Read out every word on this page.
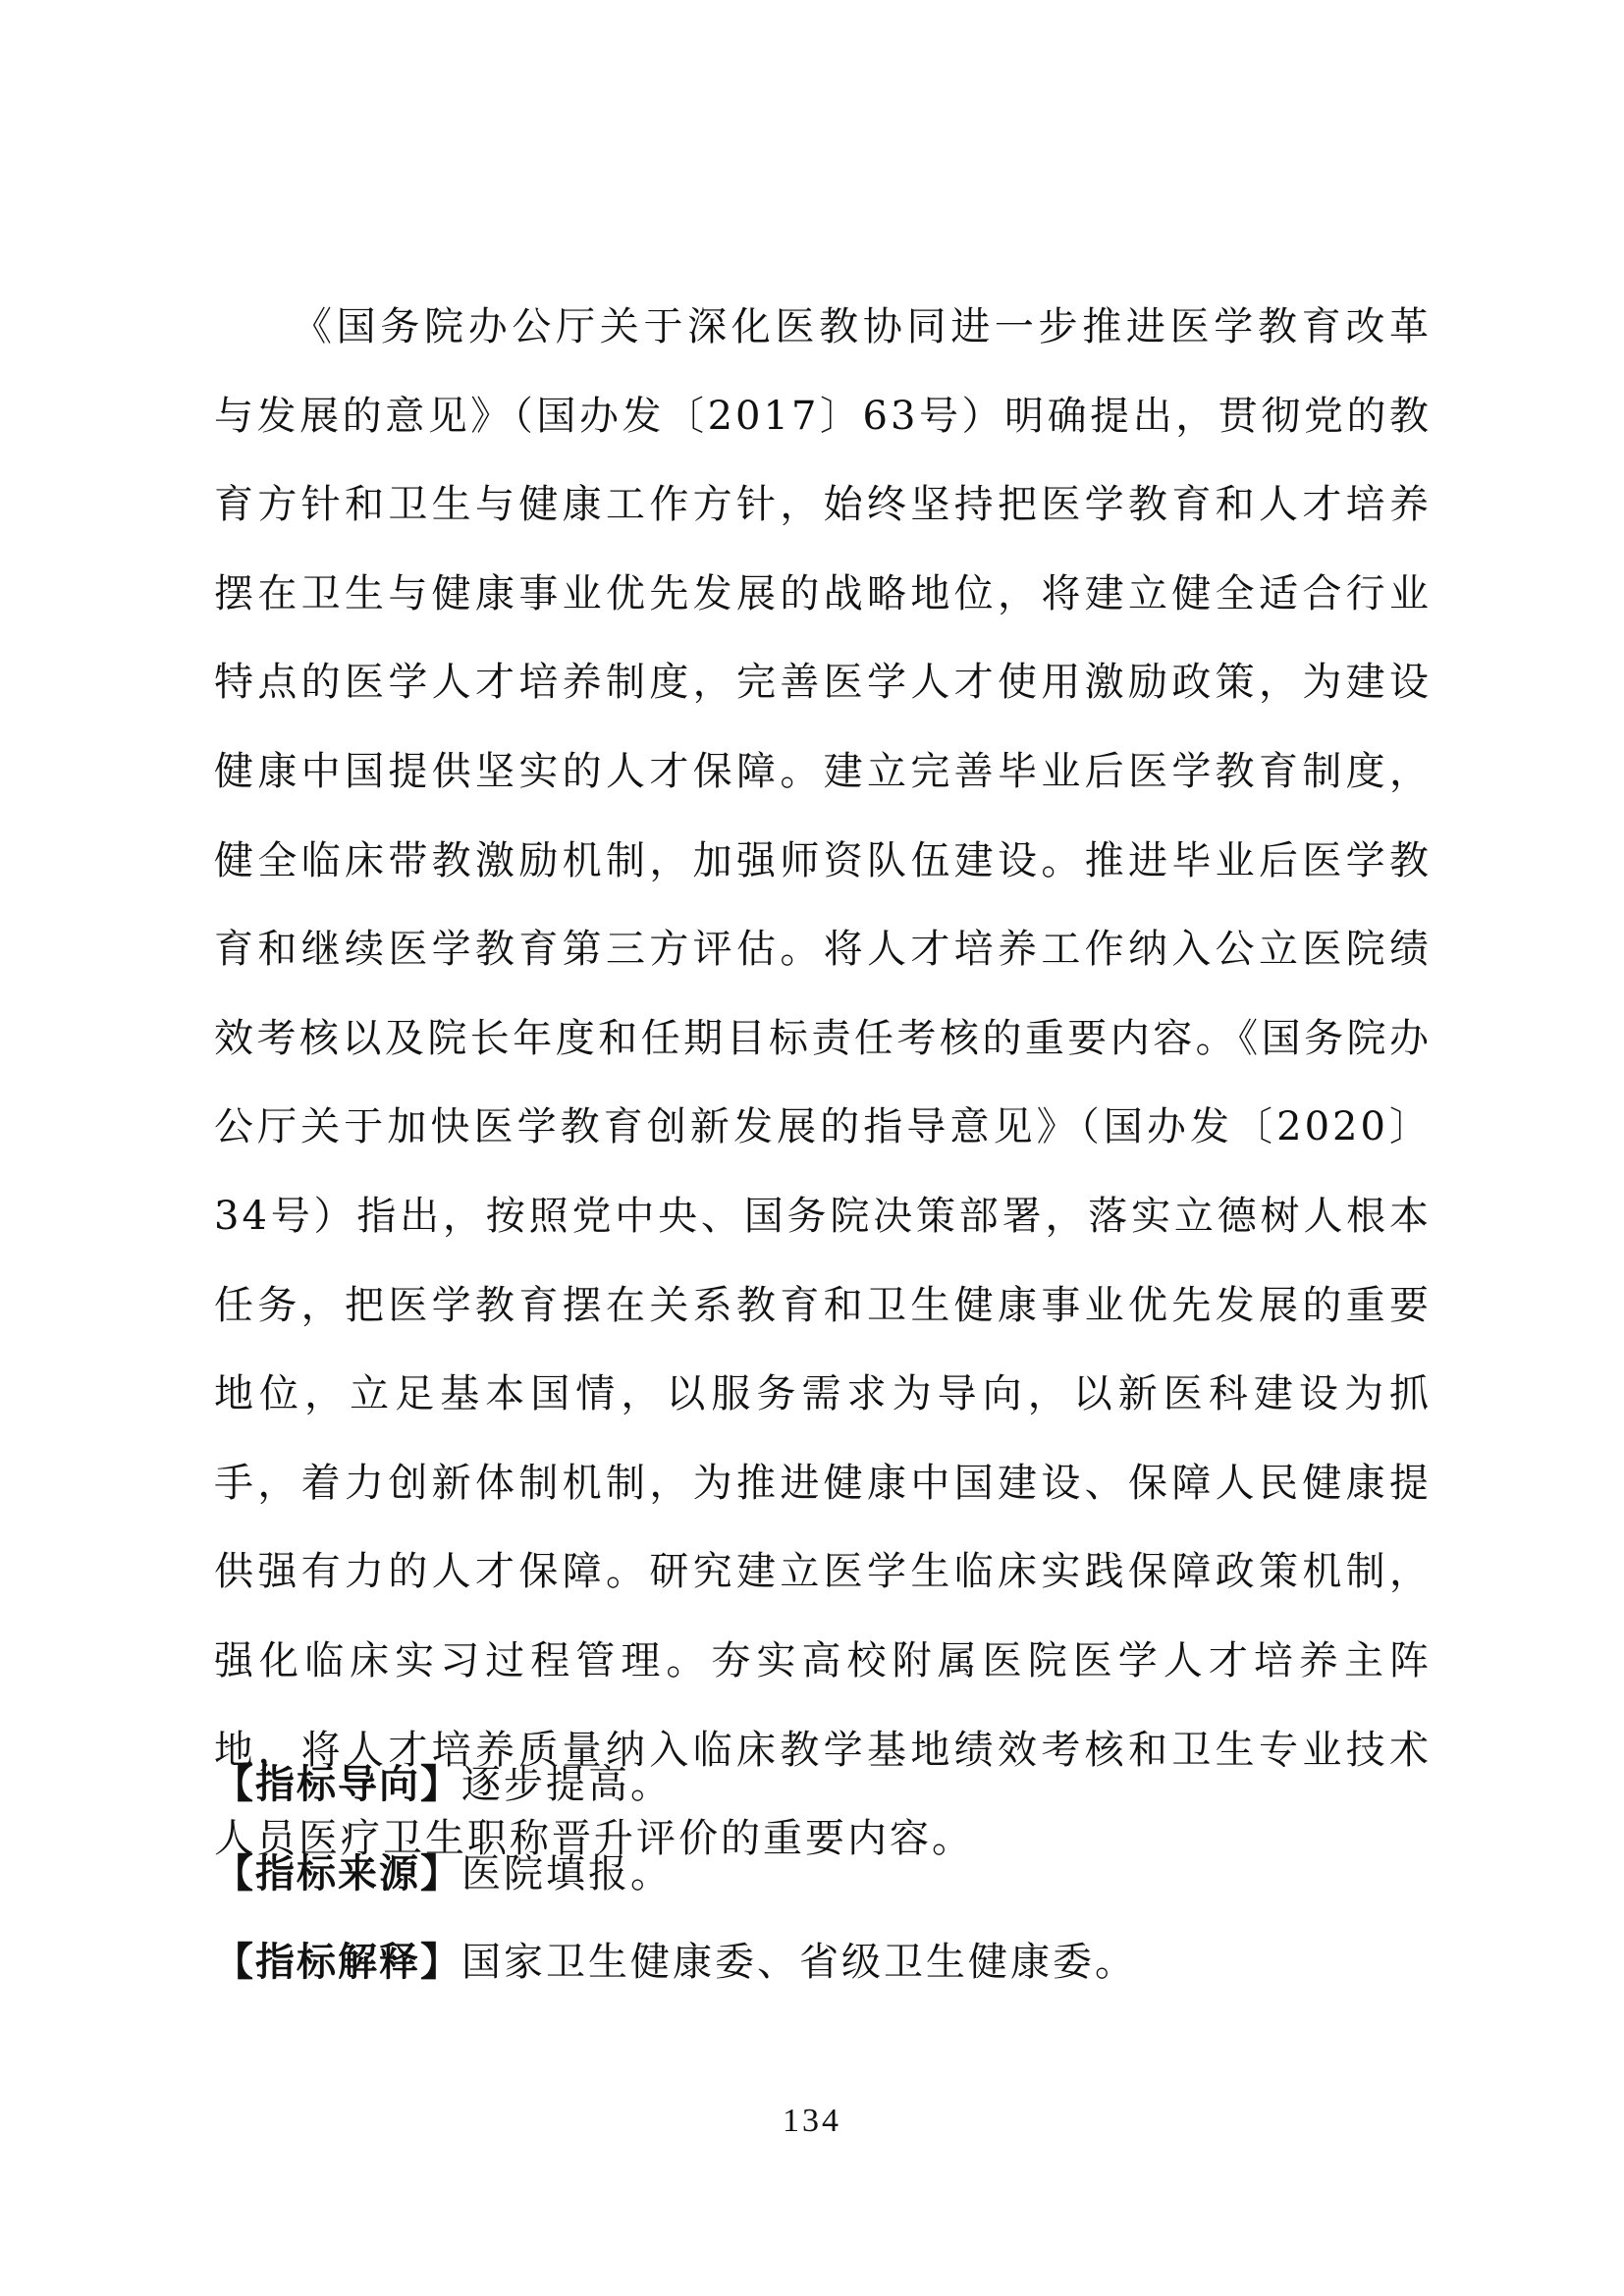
《国务院办公厅关于深化医教协同进一步推进医学教育改革与发展的意见》（国办发〔2017〕63号）明确提出，贯彻党的教育方针和卫生与健康工作方针，始终坚持把医学教育和人才培养摆在卫生与健康事业优先发展的战略地位，将建立健全适合行业特点的医学人才培养制度，完善医学人才使用激励政策，为建设健康中国提供坚实的人才保障。建立完善毕业后医学教育制度，健全临床带教激励机制，加强师资队伍建设。推进毕业后医学教育和继续医学教育第三方评估。将人才培养工作纳入公立医院绩效考核以及院长年度和任期目标责任考核的重要内容。《国务院办公厅关于加快医学教育创新发展的指导意见》（国办发〔2020〕34号）指出，按照党中央、国务院决策部署，落实立德树人根本任务，把医学教育摆在关系教育和卫生健康事业优先发展的重要地位，立足基本国情，以服务需求为导向，以新医科建设为抓手，着力创新体制机制，为推进健康中国建设、保障人民健康提供强有力的人才保障。研究建立医学生临床实践保障政策机制，强化临床实习过程管理。夯实高校附属医院医学人才培养主阵地，将人才培养质量纳入临床教学基地绩效考核和卫生专业技术人员医疗卫生职称晋升评价的重要内容。

【指标导向】逐步提高。
【指标来源】医院填报。
【指标解释】国家卫生健康委、省级卫生健康委。
134
